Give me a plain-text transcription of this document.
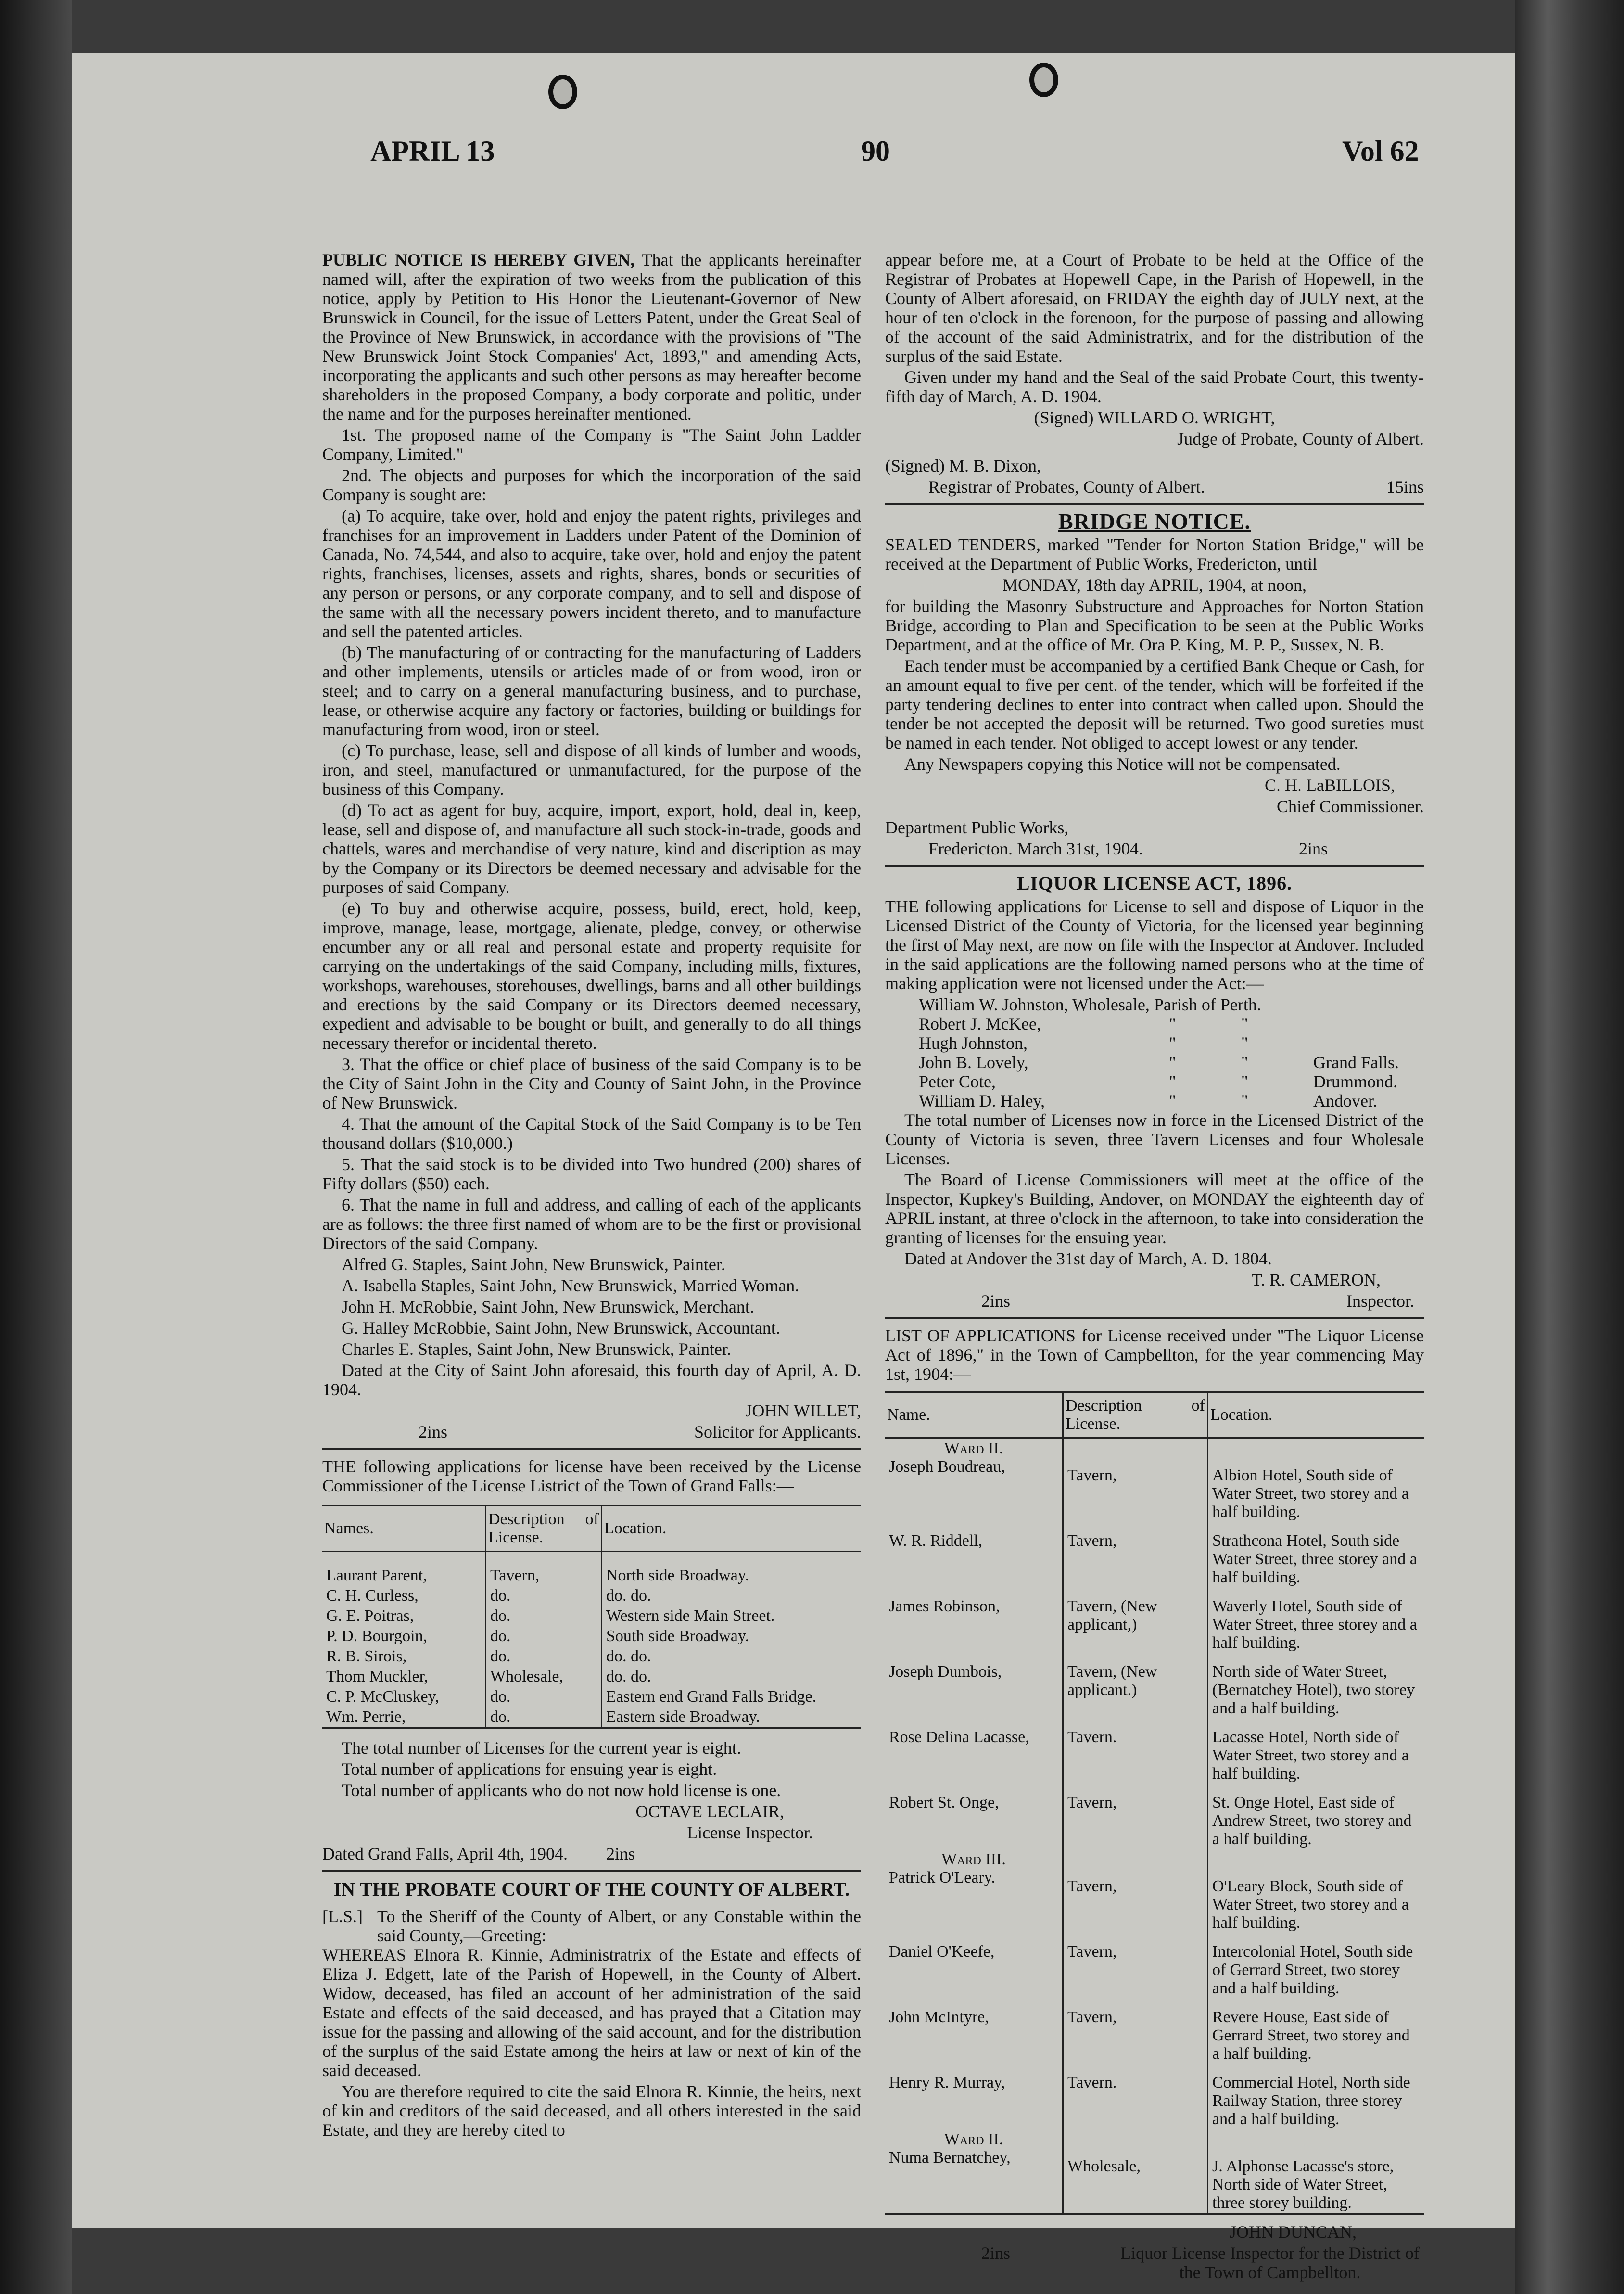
APRIL 13	90	Vol 62

PUBLIC NOTICE IS HEREBY GIVEN, That the applicants hereinafter named will, after the expiration of two weeks from the publication of this notice, apply by Petition to His Honor the Lieutenant-Governor of New Brunswick in Council, for the issue of Letters Patent, under the Great Seal of the Province of New Brunswick, in accordance with the provisions of "The New Brunswick Joint Stock Companies' Act, 1893," and amending Acts, incorporating the applicants and such other persons as may hereafter become shareholders in the proposed Company, a body corporate and politic, under the name and for the purposes hereinafter mentioned.

1st. The proposed name of the Company is "The Saint John Ladder Company, Limited."

2nd. The objects and purposes for which the incorporation of the said Company is sought are:

(a) To acquire, take over, hold and enjoy the patent rights, privileges and franchises for an improvement in Ladders under Patent of the Dominion of Canada, No. 74,544, and also to acquire, take over, hold and enjoy the patent rights, franchises, licenses, assets and rights, shares, bonds or securities of any person or persons, or any corporate company, and to sell and dispose of the same with all the necessary powers incident thereto, and to manufacture and sell the patented articles.

(b) The manufacturing of or contracting for the manufacturing of Ladders and other implements, utensils or articles made of or from wood, iron or steel; and to carry on a general manufacturing business, and to purchase, lease, or otherwise acquire any factory or factories, building or buildings for manufacturing from wood, iron or steel.

(c) To purchase, lease, sell and dispose of all kinds of lumber and woods, iron, and steel, manufactured or unmanufactured, for the purpose of the business of this Company.

(d) To act as agent for buy, acquire, import, export, hold, deal in, keep, lease, sell and dispose of, and manufacture all such stock-in-trade, goods and chattels, wares and merchandise of very nature, kind and discription as may by the Company or its Directors be deemed necessary and advisable for the purposes of said Company.

(e) To buy and otherwise acquire, possess, build, erect, hold, keep, improve, manage, lease, mortgage, alienate, pledge, convey, or otherwise encumber any or all real and personal estate and property requisite for carrying on the undertakings of the said Company, including mills, fixtures, workshops, warehouses, storehouses, dwellings, barns and all other buildings and erections by the said Company or its Directors deemed necessary, expedient and advisable to be bought or built, and generally to do all things necessary therefor or incidental thereto.

3. That the office or chief place of business of the said Company is to be the City of Saint John in the City and County of Saint John, in the Province of New Brunswick.

4. That the amount of the Capital Stock of the Said Company is to be Ten thousand dollars ($10,000.)

5. That the said stock is to be divided into Two hundred (200) shares of Fifty dollars ($50) each.

6. That the name in full and address, and calling of each of the applicants are as follows: the three first named of whom are to be the first or provisional Directors of the said Company.

Alfred G. Staples, Saint John, New Brunswick, Painter.

A. Isabella Staples, Saint John, New Brunswick, Married Woman.

John H. McRobbie, Saint John, New Brunswick, Merchant.

G. Halley McRobbie, Saint John, New Brunswick, Accountant.

Charles E. Staples, Saint John, New Brunswick, Painter.

Dated at the City of Saint John aforesaid, this fourth day of April, A. D. 1904.

JOHN WILLET,

2ins	Solicitor for Applicants.

THE following applications for license have been received by the License Commissioner of the License Listrict of the Town of Grand Falls:—

Names.	Description of License.	Location.
Laurant Parent,	Tavern,	North side Broadway.
C. H. Curless,	do.	do. do.
G. E. Poitras,	do.	Western side Main Street.
P. D. Bourgoin,	do.	South side Broadway.
R. B. Sirois,	do.	do. do.
Thom Muckler,	Wholesale,	do. do.
C. P. McCluskey,	do.	Eastern end Grand Falls Bridge.
Wm. Perrie,	do.	Eastern side Broadway.

The total number of Licenses for the current year is eight.

Total number of applications for ensuing year is eight.

Total number of applicants who do not now hold license is one.

OCTAVE LECLAIR,

License Inspector.

Dated Grand Falls, April 4th, 1904. 2ins

IN THE PROBATE COURT OF THE COUNTY OF ALBERT.

[L.S.] To the Sheriff of the County of Albert, or any Constable within the said County,—Greeting:

WHEREAS Elnora R. Kinnie, Administratrix of the Estate and effects of Eliza J. Edgett, late of the Parish of Hopewell, in the County of Albert. Widow, deceased, has filed an account of her administration of the said Estate and effects of the said deceased, and has prayed that a Citation may issue for the passing and allowing of the said account, and for the distribution of the surplus of the said Estate among the heirs at law or next of kin of the said deceased.

You are therefore required to cite the said Elnora R. Kinnie, the heirs, next of kin and creditors of the said deceased, and all others interested in the said Estate, and they are hereby cited to

appear before me, at a Court of Probate to be held at the Office of the Registrar of Probates at Hopewell Cape, in the Parish of Hopewell, in the County of Albert aforesaid, on FRIDAY the eighth day of JULY next, at the hour of ten o'clock in the forenoon, for the purpose of passing and allowing of the account of the said Administratrix, and for the distribution of the surplus of the said Estate.

Given under my hand and the Seal of the said Probate Court, this twenty-fifth day of March, A. D. 1904.

(Signed) WILLARD O. WRIGHT,

Judge of Probate, County of Albert.

(Signed) M. B. Dixon,

Registrar of Probates, County of Albert.	15ins
BRIDGE NOTICE.

SEALED TENDERS, marked "Tender for Norton Station Bridge," will be received at the Department of Public Works, Fredericton, until

MONDAY, 18th day APRIL, 1904, at noon,

for building the Masonry Substructure and Approaches for Norton Station Bridge, according to Plan and Specification to be seen at the Public Works Department, and at the office of Mr. Ora P. King, M. P. P., Sussex, N. B.

Each tender must be accompanied by a certified Bank Cheque or Cash, for an amount equal to five per cent. of the tender, which will be forfeited if the party tendering declines to enter into contract when called upon. Should the tender be not accepted the deposit will be returned. Two good sureties must be named in each tender. Not obliged to accept lowest or any tender.

Any Newspapers copying this Notice will not be compensated.

C. H. LaBILLOIS,

Chief Commissioner.

Department Public Works,

Fredericton. March 31st, 1904.	2ins
LIQUOR LICENSE ACT, 1896.

THE following applications for License to sell and dispose of Liquor in the Licensed District of the County of Victoria, for the licensed year beginning the first of May next, are now on file with the Inspector at Andover. Included in the said applications are the following named persons who at the time of making application were not licensed under the Act:—

William W. Johnston, Wholesale, Parish of Perth.
Robert J. McKee,	"	"
Hugh Johnston,	"	"
John B. Lovely,	"	"	Grand Falls.
Peter Cote,	"	"	Drummond.
William D. Haley,	"	"	Andover.

The total number of Licenses now in force in the Licensed District of the County of Victoria is seven, three Tavern Licenses and four Wholesale Licenses.

The Board of License Commissioners will meet at the office of the Inspector, Kupkey's Building, Andover, on MONDAY the eighteenth day of APRIL instant, at three o'clock in the afternoon, to take into consideration the granting of licenses for the ensuing year.

Dated at Andover the 31st day of March, A. D. 1804.

T. R. CAMERON,

2ins	Inspector.

LIST OF APPLICATIONS for License received under "The Liquor License Act of 1896," in the Town of Campbellton, for the year commencing May 1st, 1904:—

Name.	Description of License.	Location.

Ward II.
Joseph Boudreau,	Tavern,	Albion Hotel, South side of Water Street, two storey and a half building.

W. R. Riddell,	Tavern,	Strathcona Hotel, South side Water Street, three storey and a half building.

James Robinson,	Tavern, (New applicant,)	Waverly Hotel, South side of Water Street, three storey and a half building.

Joseph Dumbois,	Tavern, (New applicant.)	North side of Water Street, (Bernatchey Hotel), two storey and a half building.

Rose Delina Lacasse,	Tavern.	Lacasse Hotel, North side of Water Street, two storey and a half building.

Robert St. Onge,	Tavern,	St. Onge Hotel, East side of Andrew Street, two storey and a half building.

Ward III.
Patrick O'Leary.	Tavern,	O'Leary Block, South side of Water Street, two storey and a half building.

Daniel O'Keefe,	Tavern,	Intercolonial Hotel, South side of Gerrard Street, two storey and a half building.

John McIntyre,	Tavern,	Revere House, East side of Gerrard Street, two storey and a half building.

Henry R. Murray,	Tavern.	Commercial Hotel, North side Railway Station, three storey and a half building.

Ward II.
Numa Bernatchey,	Wholesale,	J. Alphonse Lacasse's store, North side of Water Street, three storey building.

JOHN DUNCAN,

2ins	Liquor License Inspector for the District of the Town of Campbellton.
